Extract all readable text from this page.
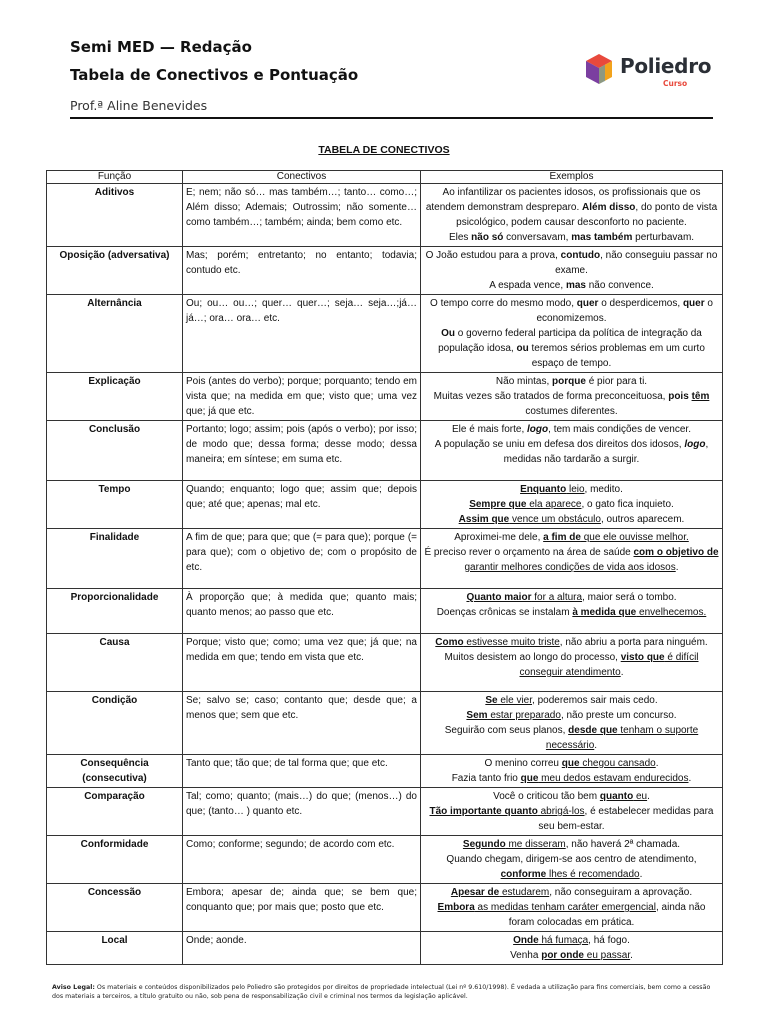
Semi MED — Redação
Tabela de Conectivos e Pontuação
Prof.ª Aline Benevides
Poliedro
Curso
TABELA DE CONECTIVOS
Função	Conectivos	Exemplos
Aditivos	E; nem; não só… mas também…; tanto… como…; Além disso; Ademais; Outrossim; não somente… como também…; também; ainda; bem como etc.	Ao infantilizar os pacientes idosos, os profissionais que os atendem demonstram despreparo. Além disso, do ponto de vista psicológico, podem causar desconforto no paciente.
Eles não só conversavam, mas também perturbavam.

Oposição (adversativa)	Mas; porém; entretanto; no entanto; todavia; contudo etc.	O João estudou para a prova, contudo, não conseguiu passar no exame.
A espada vence, mas não convence.

Alternância	Ou; ou… ou…; quer… quer…; seja… seja…;já… já…; ora… ora… etc.	O tempo corre do mesmo modo, quer o desperdicemos, quer o economizemos.
Ou o governo federal participa da política de integração da população idosa, ou teremos sérios problemas em um curto espaço de tempo.

Explicação	Pois (antes do verbo); porque; porquanto; tendo em vista que; na medida em que; visto que; uma vez que; já que etc.	Não mintas, porque é pior para ti.
Muitas vezes são tratados de forma preconceituosa, pois têm costumes diferentes.

Conclusão	Portanto; logo; assim; pois (após o verbo); por isso; de modo que; dessa forma; desse modo; dessa maneira; em síntese; em suma etc.	Ele é mais forte, logo, tem mais condições de vencer.
A população se uniu em defesa dos direitos dos idosos, logo, medidas não tardarão a surgir.

Tempo	Quando; enquanto; logo que; assim que; depois que; até que; apenas; mal etc.	Enquanto leio, medito.
Sempre que ela aparece, o gato fica inquieto.
Assim que vence um obstáculo, outros aparecem.

Finalidade	A fim de que; para que; que (= para que); porque (= para que); com o objetivo de; com o propósito de etc.	Aproximei-me dele, a fim de que ele ouvisse melhor.
É preciso rever o orçamento na área de saúde com o objetivo de garantir melhores condições de vida aos idosos.

Proporcionalidade	À proporção que; à medida que; quanto mais; quanto menos; ao passo que etc.	Quanto maior for a altura, maior será o tombo.
Doenças crônicas se instalam à medida que envelhecemos.

Causa	Porque; visto que; como; uma vez que; já que; na medida em que; tendo em vista que etc.	Como estivesse muito triste, não abriu a porta para ninguém.
Muitos desistem ao longo do processo, visto que é difícil conseguir atendimento.

Condição	Se; salvo se; caso; contanto que; desde que; a menos que; sem que etc.	Se ele vier, poderemos sair mais cedo.
Sem estar preparado, não preste um concurso.
Seguirão com seus planos, desde que tenham o suporte necessário.

Consequência (consecutiva)	Tanto que; tão que; de tal forma que; que etc.	O menino correu que chegou cansado.
Fazia tanto frio que meu dedos estavam endurecidos.

Comparação	Tal; como; quanto; (mais…) do que; (menos…) do que; (tanto… ) quanto etc.	Você o criticou tão bem quanto eu.
Tão importante quanto abrigá-los, é estabelecer medidas para seu bem-estar.

Conformidade	Como; conforme; segundo; de acordo com etc.	Segundo me disseram, não haverá 2ª chamada.
Quando chegam, dirigem-se aos centro de atendimento, conforme lhes é recomendado.

Concessão	Embora; apesar de; ainda que; se bem que; conquanto que; por mais que; posto que etc.	Apesar de estudarem, não conseguiram a aprovação.
Embora as medidas tenham caráter emergencial, ainda não foram colocadas em prática.

Local	Onde; aonde.	Onde há fumaça, há fogo.
Venha por onde eu passar.
Aviso Legal: Os materiais e conteúdos disponibilizados pelo Poliedro são protegidos por direitos de propriedade intelectual (Lei nº 9.610/1998). É vedada a utilização para fins comerciais, bem como a cessão dos materiais a terceiros, a título gratuito ou não, sob pena de responsabilização civil e criminal nos termos da legislação aplicável.
